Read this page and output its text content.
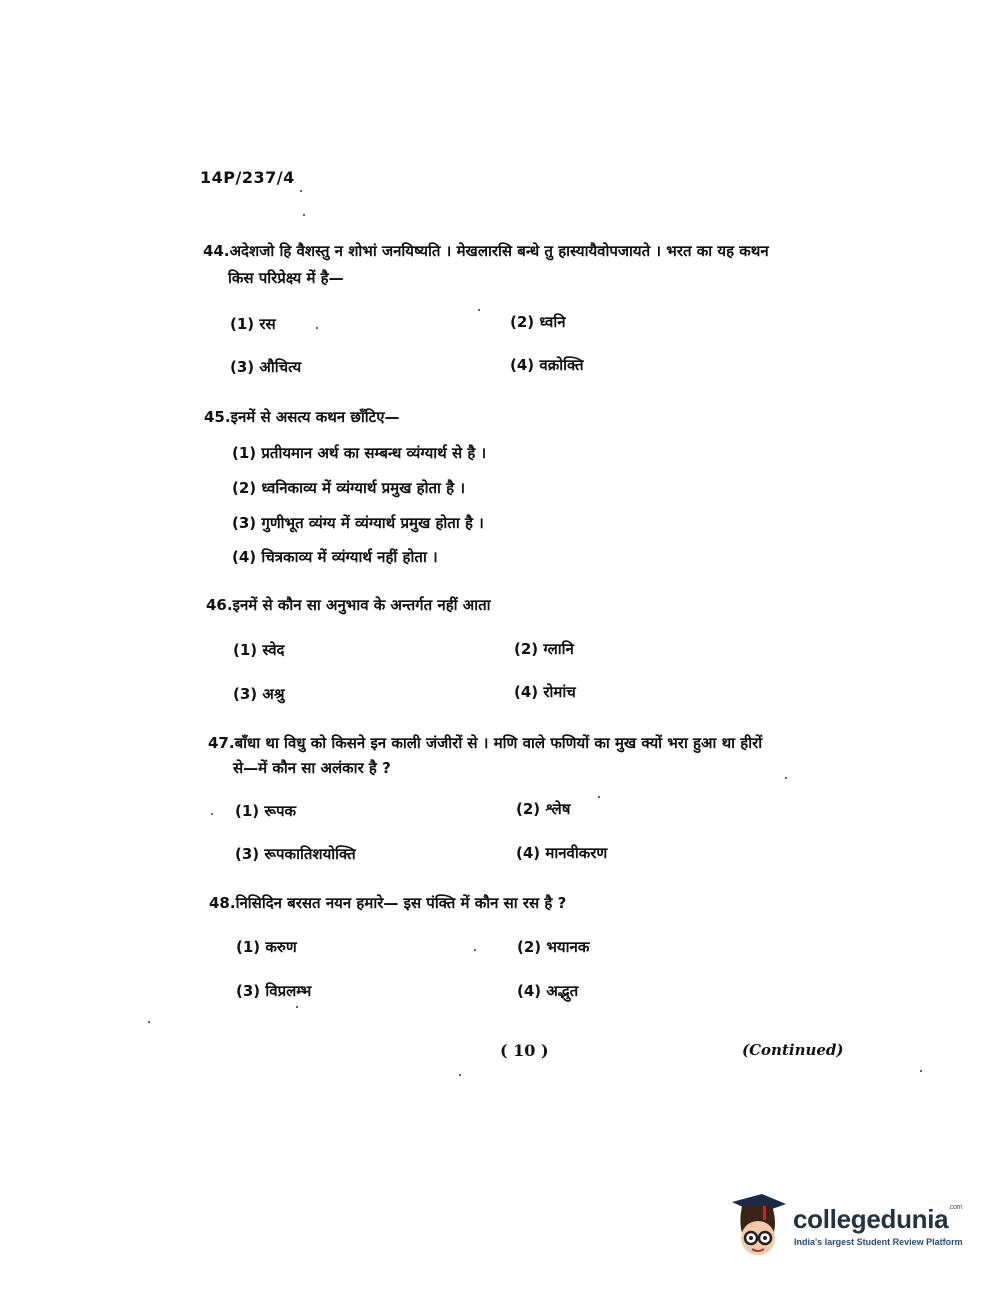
14P/237/4
44.अदेशजो हि वैशस्तु न शोभां जनयिष्यति । मेखलारसि बन्धे तु हास्यायैवोपजायते । भरत का यह कथन
किस परिप्रेक्ष्य में है—
(1) रस	(2) ध्वनि
(3) औचित्य	(4) वक्रोक्ति
45.इनमें से असत्य कथन छाँटिए—
(1) प्रतीयमान अर्थ का सम्बन्ध व्यंग्यार्थ से है ।
(2) ध्वनिकाव्य में व्यंग्यार्थ प्रमुख होता है ।
(3) गुणीभूत व्यंग्य में व्यंग्यार्थ प्रमुख होता है ।
(4) चित्रकाव्य में व्यंग्यार्थ नहीं होता ।
46.इनमें से कौन सा अनुभाव के अन्तर्गत नहीं आता
(1) स्वेद	(2) ग्लानि
(3) अश्रु	(4) रोमांच
47.बाँधा था विधु को किसने इन काली जंजीरों से । मणि वाले फणियों का मुख क्यों भरा हुआ था हीरों
से—में कौन सा अलंकार है ?
(1) रूपक	(2) श्लेष
(3) रूपकातिशयोक्ति	(4) मानवीकरण
48.निसिदिन बरसत नयन हमारे— इस पंक्ति में कौन सा रस है ?
(1) करुण	(2) भयानक
(3) विप्रलम्भ	(4) अद्भुत
( 10 )	(Continued)
collegedunia$^{.com}$
India's largest Student Review Platform
